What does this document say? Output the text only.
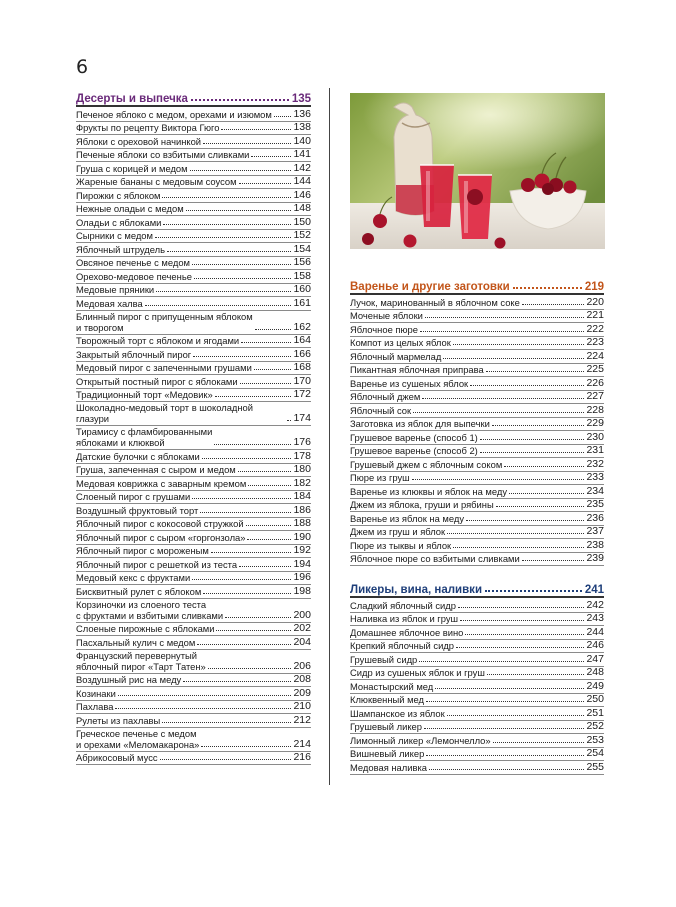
6
Десерты и выпечка	135
Печеное яблоко с медом, орехами и изюмом 136
Фрукты по рецепту Виктора Гюго	138
Яблоки с ореховой начинкой	140
Печеные яблоки со взбитыми сливками	141
Груша с корицей и медом	142
Жареные бананы с медовым соусом	144
Пирожки с яблоком	146
Нежные оладьи с медом	148
Оладьи с яблоками	150
Сырники с медом	152
Яблочный штрудель	154
Овсяное печенье с медом	156
Орехово-медовое печенье	158
Медовые пряники	160
Медовая халва	161
Блинный пирог с припущенным яблоком
и творогом	162
Творожный торт с яблоком и ягодами	164
Закрытый яблочный пирог	166
Медовый пирог с запеченными грушами	168
Открытый постный пирог с яблоками	170
Традиционный торт «Медовик»	172
Шоколадно-медовый торт в шоколадной глазури	174
Тирамису с фламбированными
яблоками и клюквой	176
Датские булочки с яблоками	178
Груша, запеченная с сыром и медом	180
Медовая коврижка с заварным кремом	182
Слоеный пирог с грушами	184
Воздушный фруктовый торт	186
Яблочный пирог с кокосовой стружкой	188
Яблочный пирог с сыром «горгонзола»	190
Яблочный пирог с мороженым	192
Яблочный пирог с решеткой из теста	194
Медовый кекс с фруктами	196
Бисквитный рулет с яблоком	198
Корзиночки из слоеного теста
с фруктами и взбитыми сливками	200
Слоеные пирожные с яблоками	202
Пасхальный кулич с медом	204
Французский перевернутый
яблочный пирог «Тарт Татен»	206
Воздушный рис на меду	208
Козинаки	209
Пахлава	210
Рулеты из пахлавы	212
Греческое печенье с медом
и орехами «Меломакарона»	214
Абрикосовый мусс	216
Варенье и другие заготовки	219
Лучок, маринованный в яблочном соке	220
Моченые яблоки	221
Яблочное пюре	222
Компот из целых яблок	223
Яблочный мармелад	224
Пикантная яблочная приправа	225
Варенье из сушеных яблок	226
Яблочный джем	227
Яблочный сок	228
Заготовка из яблок для выпечки	229
Грушевое варенье (способ 1)	230
Грушевое варенье (способ 2)	231
Грушевый джем с яблочным соком	232
Пюре из груш	233
Варенье из клюквы и яблок на меду	234
Джем из яблока, груши и рябины	235
Варенье из яблок на меду	236
Джем из груш и яблок	237
Пюре из тыквы и яблок	238
Яблочное пюре со взбитыми сливками	239
Ликеры, вина, наливки	241
Сладкий яблочный сидр	242
Наливка из яблок и груш	243
Домашнее яблочное вино	244
Крепкий яблочный сидр	246
Грушевый сидр	247
Сидр из сушеных яблок и груш	248
Монастырский мед	249
Клюквенный мед	250
Шампанское из яблок	251
Грушевый ликер	252
Лимонный ликер «Лемончелло»	253
Вишневый ликер	254
Медовая наливка	255
